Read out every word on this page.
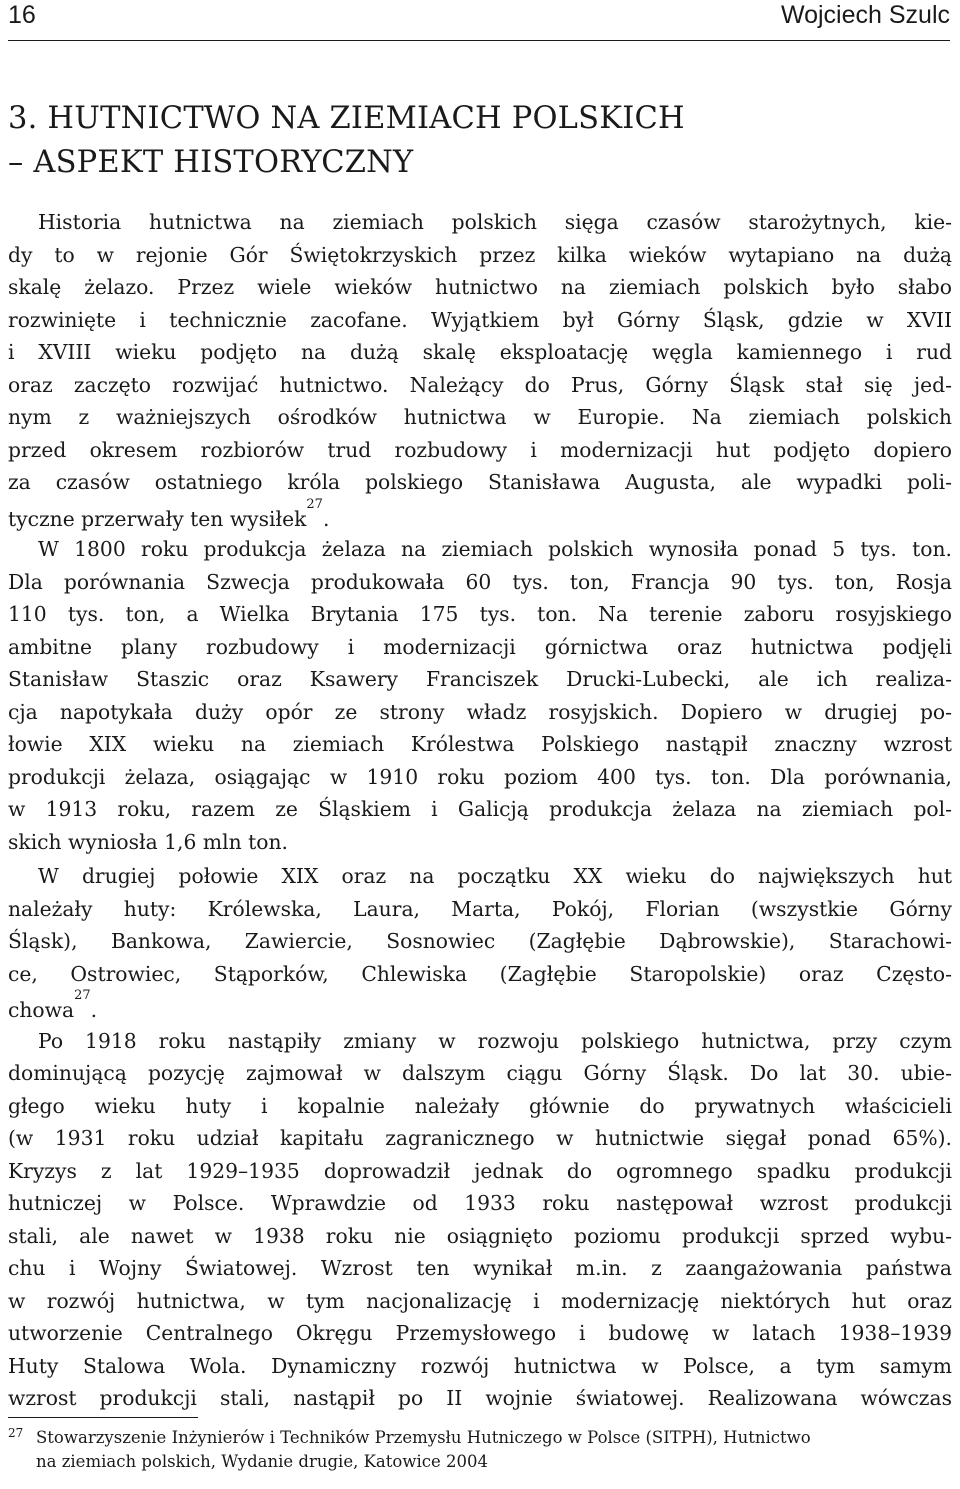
16	Wojciech Szulc
3. HUTNICTWO NA ZIEMIACH POLSKICH
– ASPEKT HISTORYCZNY
Historia hutnictwa na ziemiach polskich sięga czasów starożytnych, kie-
dy to w rejonie Gór Świętokrzyskich przez kilka wieków wytapiano na dużą
skalę żelazo. Przez wiele wieków hutnictwo na ziemiach polskich było słabo
rozwinięte i technicznie zacofane. Wyjątkiem był Górny Śląsk, gdzie w XVII
i XVIII wieku podjęto na dużą skalę eksploatację węgla kamiennego i rud
oraz zaczęto rozwijać hutnictwo. Należący do Prus, Górny Śląsk stał się jed-
nym z ważniejszych ośrodków hutnictwa w Europie. Na ziemiach polskich
przed okresem rozbiorów trud rozbudowy i modernizacji hut podjęto dopiero
za czasów ostatniego króla polskiego Stanisława Augusta, ale wypadki poli-
tyczne przerwały ten wysiłek$^{27}$.
W 1800 roku produkcja żelaza na ziemiach polskich wynosiła ponad 5 tys. ton.
Dla porównania Szwecja produkowała 60 tys. ton, Francja 90 tys. ton, Rosja
110 tys. ton, a Wielka Brytania 175 tys. ton. Na terenie zaboru rosyjskiego
ambitne plany rozbudowy i modernizacji górnictwa oraz hutnictwa podjęli
Stanisław Staszic oraz Ksawery Franciszek Drucki-Lubecki, ale ich realiza-
cja napotykała duży opór ze strony władz rosyjskich. Dopiero w drugiej po-
łowie XIX wieku na ziemiach Królestwa Polskiego nastąpił znaczny wzrost
produkcji żelaza, osiągając w 1910 roku poziom 400 tys. ton. Dla porównania,
w 1913 roku, razem ze Śląskiem i Galicją produkcja żelaza na ziemiach pol-
skich wyniosła 1,6 mln ton.
W drugiej połowie XIX oraz na początku XX wieku do największych hut
należały huty: Królewska, Laura, Marta, Pokój, Florian (wszystkie Górny
Śląsk), Bankowa, Zawiercie, Sosnowiec (Zagłębie Dąbrowskie), Starachowi-
ce, Ostrowiec, Stąporków, Chlewiska (Zagłębie Staropolskie) oraz Często-
chowa$^{27}$.
Po 1918 roku nastąpiły zmiany w rozwoju polskiego hutnictwa, przy czym
dominującą pozycję zajmował w dalszym ciągu Górny Śląsk. Do lat 30. ubie-
głego wieku huty i kopalnie należały głównie do prywatnych właścicieli
(w 1931 roku udział kapitału zagranicznego w hutnictwie sięgał ponad 65%).
Kryzys z lat 1929–1935 doprowadził jednak do ogromnego spadku produkcji
hutniczej w Polsce. Wprawdzie od 1933 roku następował wzrost produkcji
stali, ale nawet w 1938 roku nie osiągnięto poziomu produkcji sprzed wybu-
chu i Wojny Światowej. Wzrost ten wynikał m.in. z zaangażowania państwa
w rozwój hutnictwa, w tym nacjonalizację i modernizację niektórych hut oraz
utworzenie Centralnego Okręgu Przemysłowego i budowę w latach 1938–1939
Huty Stalowa Wola. Dynamiczny rozwój hutnictwa w Polsce, a tym samym
wzrost produkcji stali, nastąpił po II wojnie światowej. Realizowana wówczas
27 Stowarzyszenie Inżynierów i Techników Przemysłu Hutniczego w Polsce (SITPH), Hutnictwo
na ziemiach polskich, Wydanie drugie, Katowice 2004
